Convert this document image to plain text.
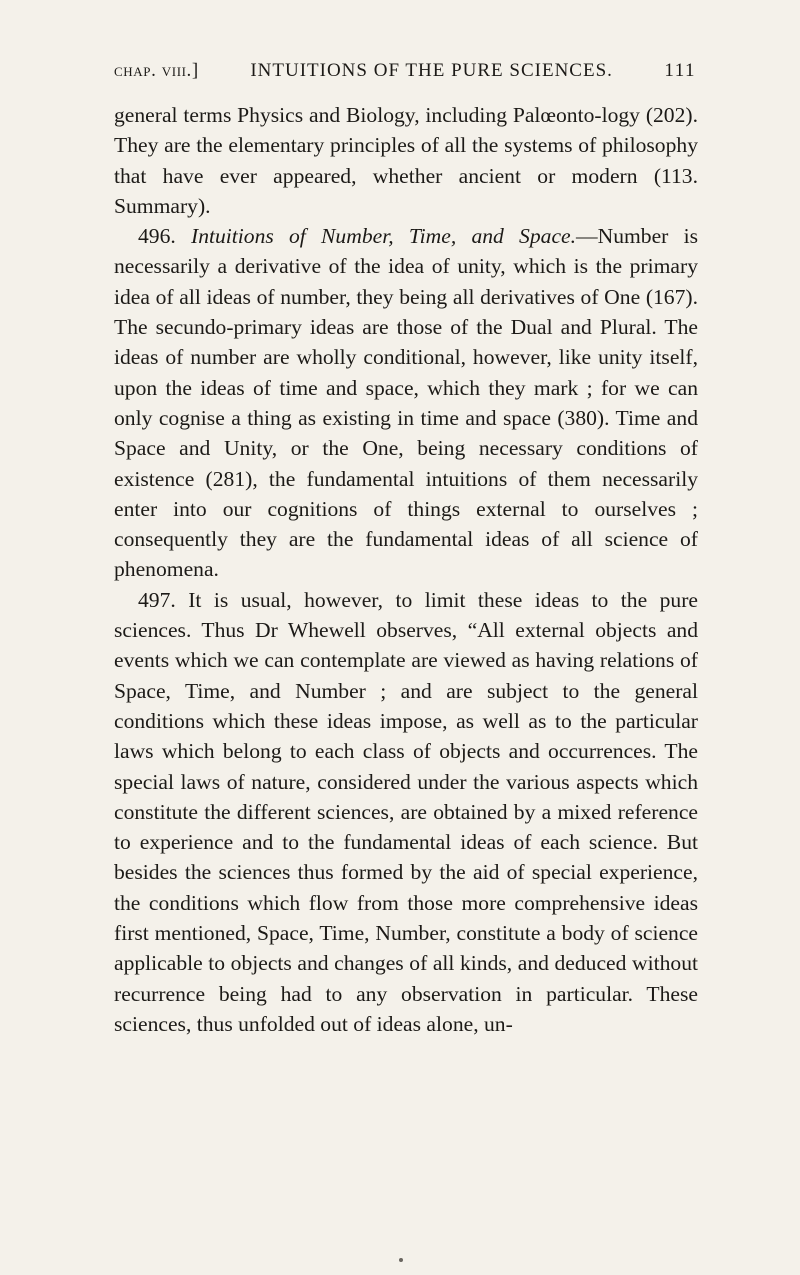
chap. viii.]	INTUITIONS OF THE PURE SCIENCES.	111

general terms Physics and Biology, including Palœonto-logy (202). They are the elementary principles of all the systems of philosophy that have ever appeared, whether ancient or modern (113. Summary).

496. Intuitions of Number, Time, and Space.—Number is necessarily a derivative of the idea of unity, which is the primary idea of all ideas of number, they being all derivatives of One (167). The secundo-primary ideas are those of the Dual and Plural. The ideas of number are wholly conditional, however, like unity itself, upon the ideas of time and space, which they mark ; for we can only cognise a thing as existing in time and space (380). Time and Space and Unity, or the One, being necessary conditions of existence (281), the fundamental intuitions of them necessarily enter into our cognitions of things external to ourselves ; consequently they are the fundamental ideas of all science of phenomena.

497. It is usual, however, to limit these ideas to the pure sciences. Thus Dr Whewell observes, “All external objects and events which we can contemplate are viewed as having relations of Space, Time, and Number ; and are subject to the general conditions which these ideas impose, as well as to the particular laws which belong to each class of objects and occurrences. The special laws of nature, considered under the various aspects which constitute the different sciences, are obtained by a mixed reference to experience and to the fundamental ideas of each science. But besides the sciences thus formed by the aid of special experience, the conditions which flow from those more comprehensive ideas first mentioned, Space, Time, Number, constitute a body of science applicable to objects and changes of all kinds, and deduced without recurrence being had to any observation in particular. These sciences, thus unfolded out of ideas alone, un-
